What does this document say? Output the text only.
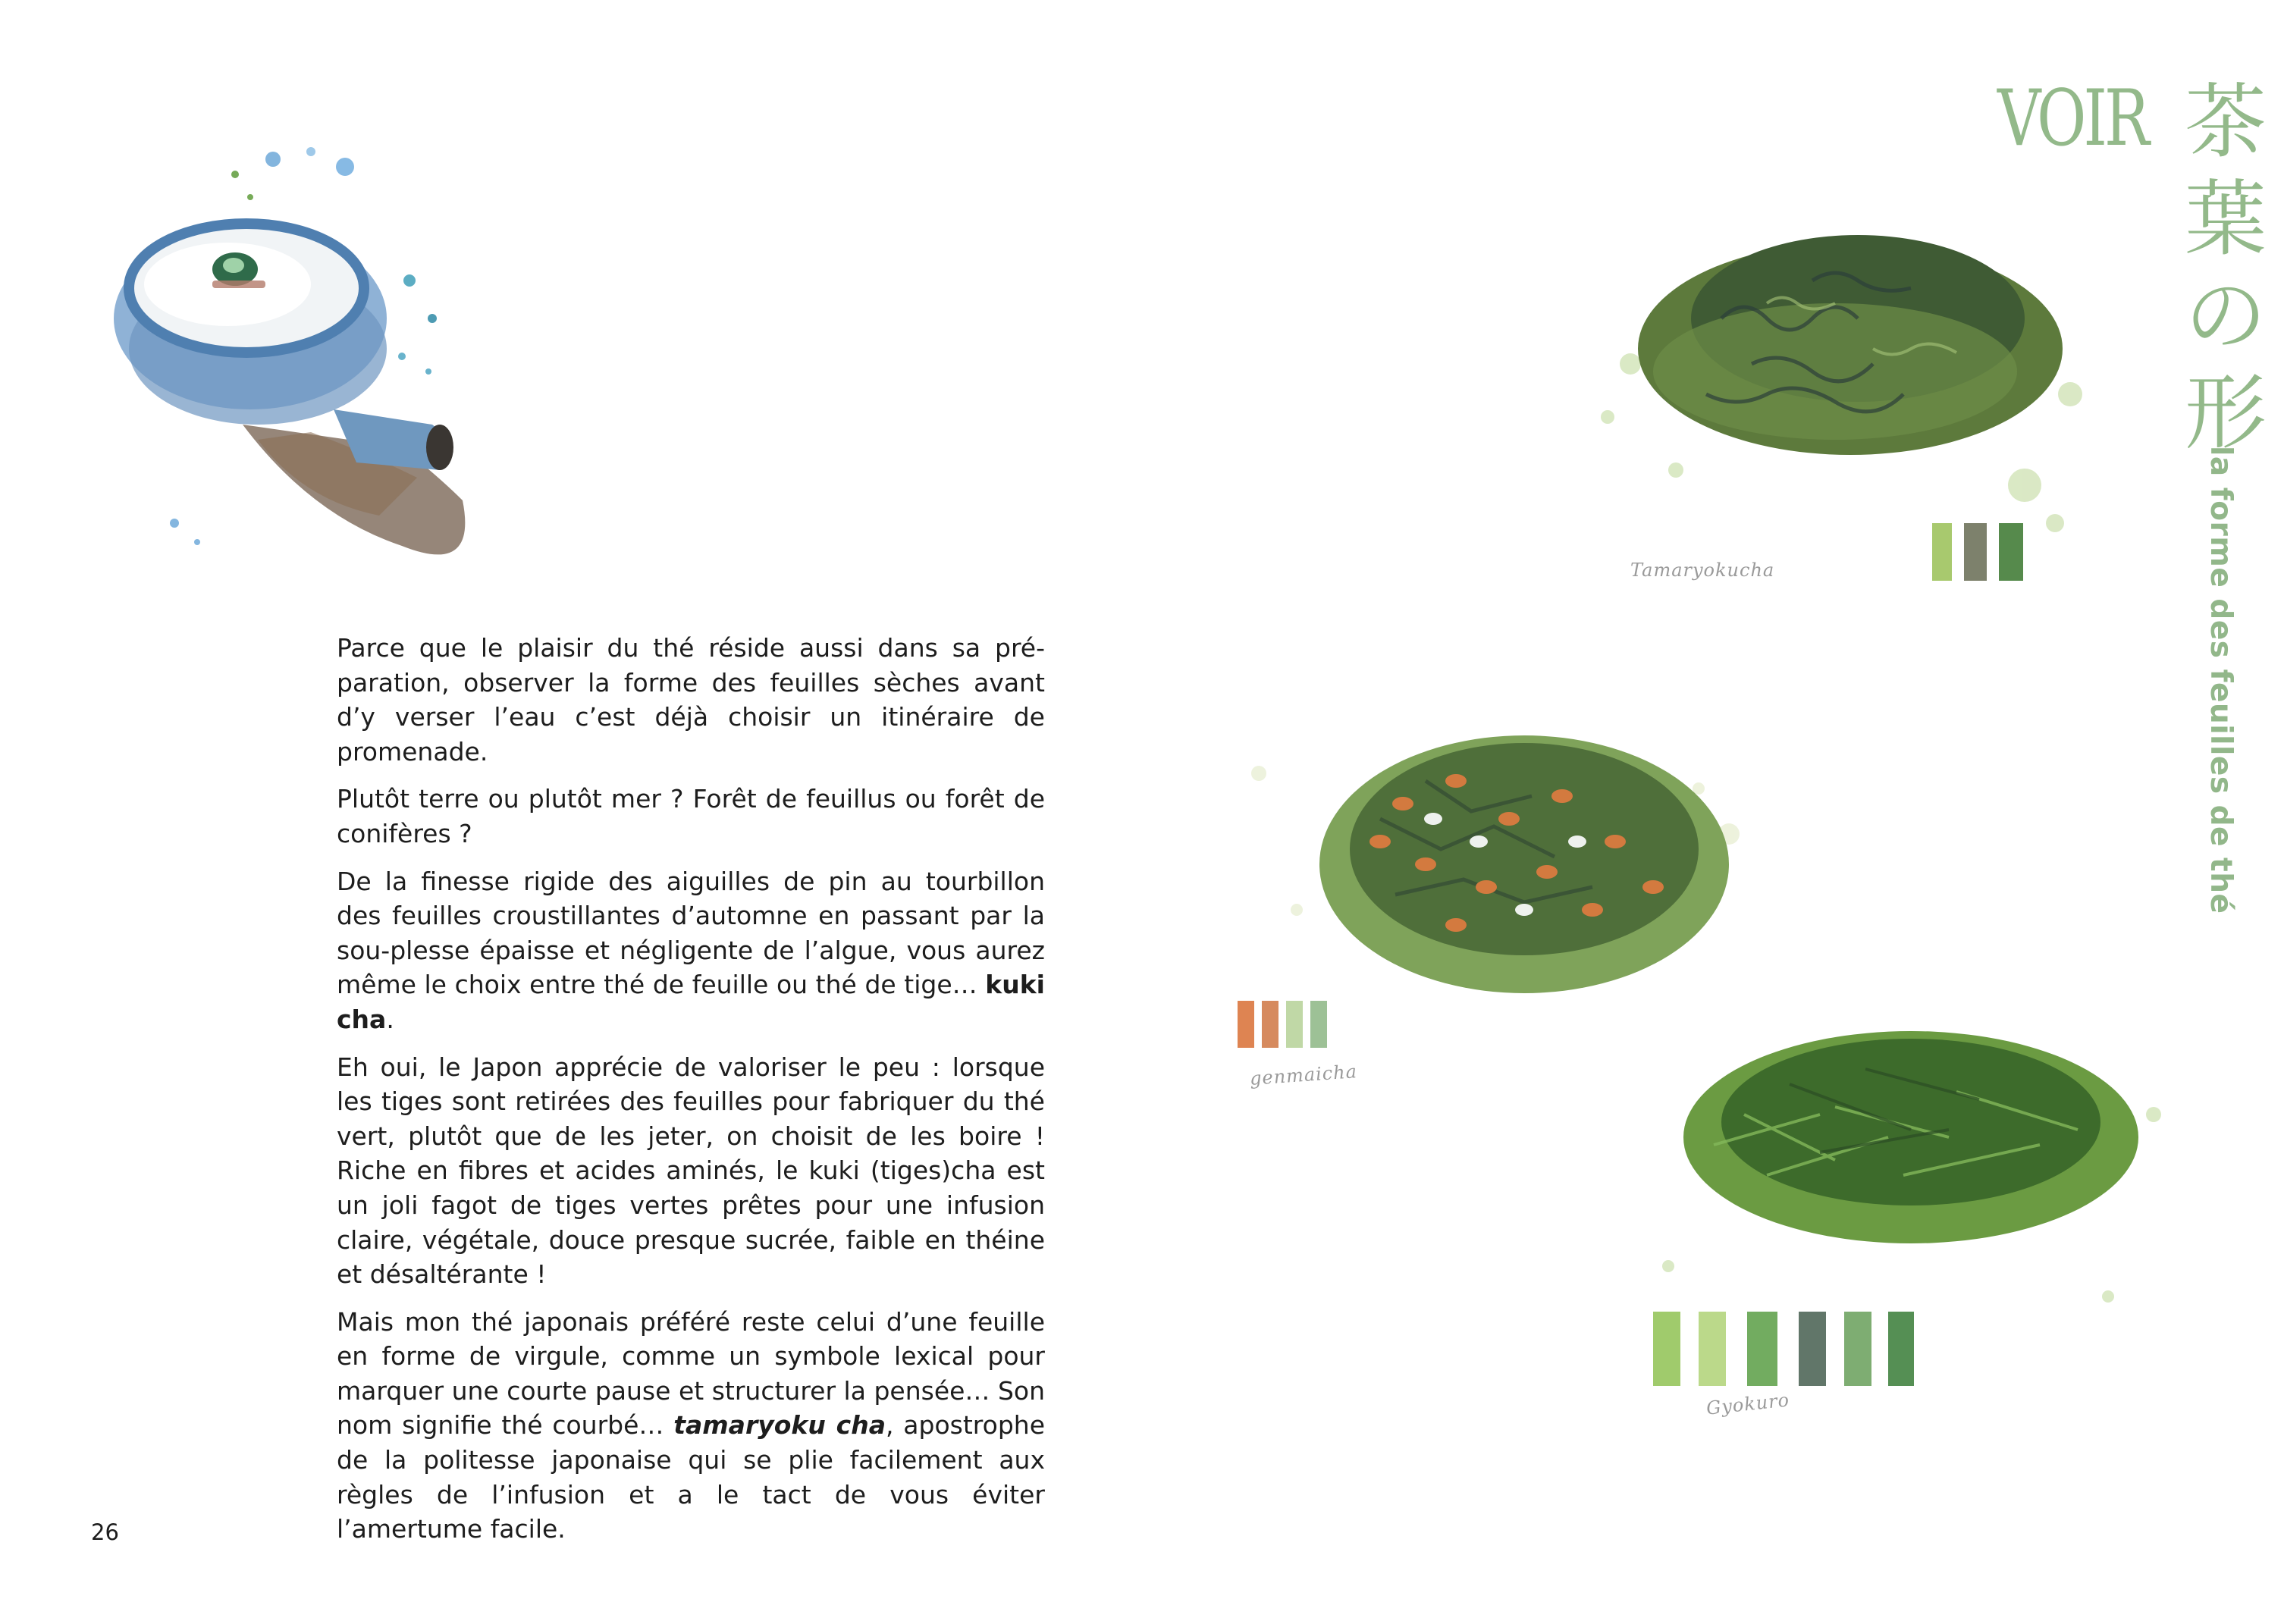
Tamaryokucha
genmaicha
Gyokuro
VOIR 茶
葉
の
形
la forme des feuilles de thé

Parce que le plaisir du thé réside aussi dans sa pré-paration, observer la forme des feuilles sèches avant d’y verser l’eau c’est déjà choisir un itinéraire de promenade.

Plutôt terre ou plutôt mer ? Forêt de feuillus ou forêt de conifères ?

De la finesse rigide des aiguilles de pin au tourbillon des feuilles croustillantes d’automne en passant par la sou-plesse épaisse et négligente de l’algue, vous aurez même le choix entre thé de feuille ou thé de tige… kuki cha.

Eh oui, le Japon apprécie de valoriser le peu : lorsque les tiges sont retirées des feuilles pour fabriquer du thé vert, plutôt que de les jeter, on choisit de les boire ! Riche en fibres et acides aminés, le kuki (tiges)cha est un joli fagot de tiges vertes prêtes pour une infusion claire, végétale, douce presque sucrée, faible en théine et désaltérante !

Mais mon thé japonais préféré reste celui d’une feuille en forme de virgule, comme un symbole lexical pour marquer une courte pause et structurer la pensée… Son nom signifie thé courbé… tamaryoku cha, apostrophe de la politesse japonaise qui se plie facilement aux règles de l’infusion et a le tact de vous éviter l’amertume facile.

26
